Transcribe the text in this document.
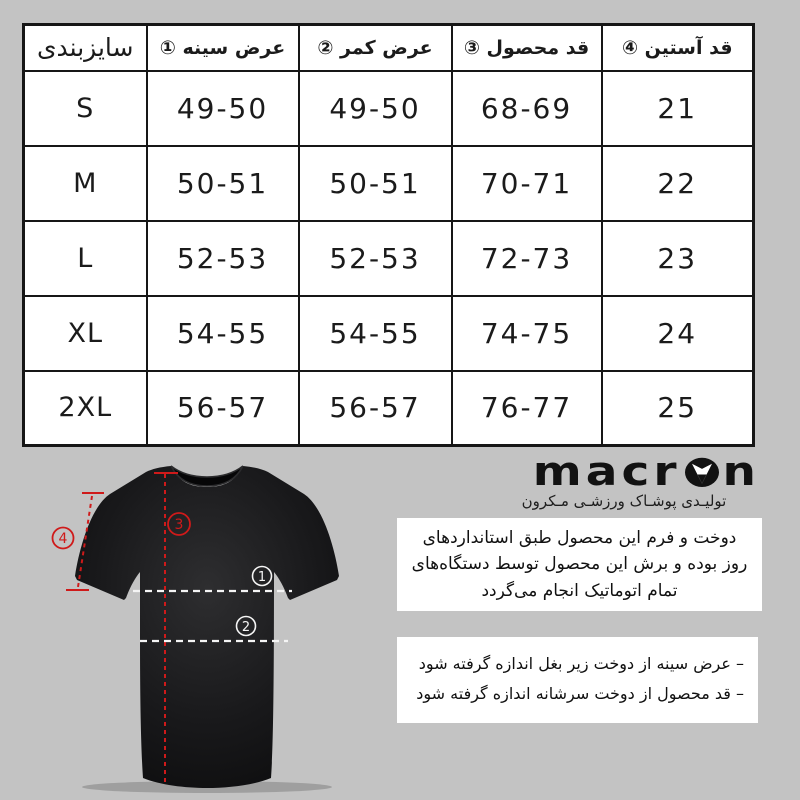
سایزبندی	عرض سینه ①	عرض کمر ②	قد محصول ③	قد آستین ④
S	49-50	49-50	68-69	21
M	50-51	50-51	70-71	22
L	52-53	52-53	72-73	23
XL	54-55	54-55	74-75	24
2XL	56-57	56-57	76-77	25
3
4
1
2
macr n
تولیـدی پوشـاک ورزشـی مـکرون
دوخت و فرم این محصول طبق استانداردهای روز بوده و برش این محصول توسط دستگاه‌های تمام اتوماتیک انجام می‌گردد
– عرض سینه از دوخت زیر بغل اندازه گرفته شود
– قد محصول از دوخت سرشانه اندازه گرفته شود
